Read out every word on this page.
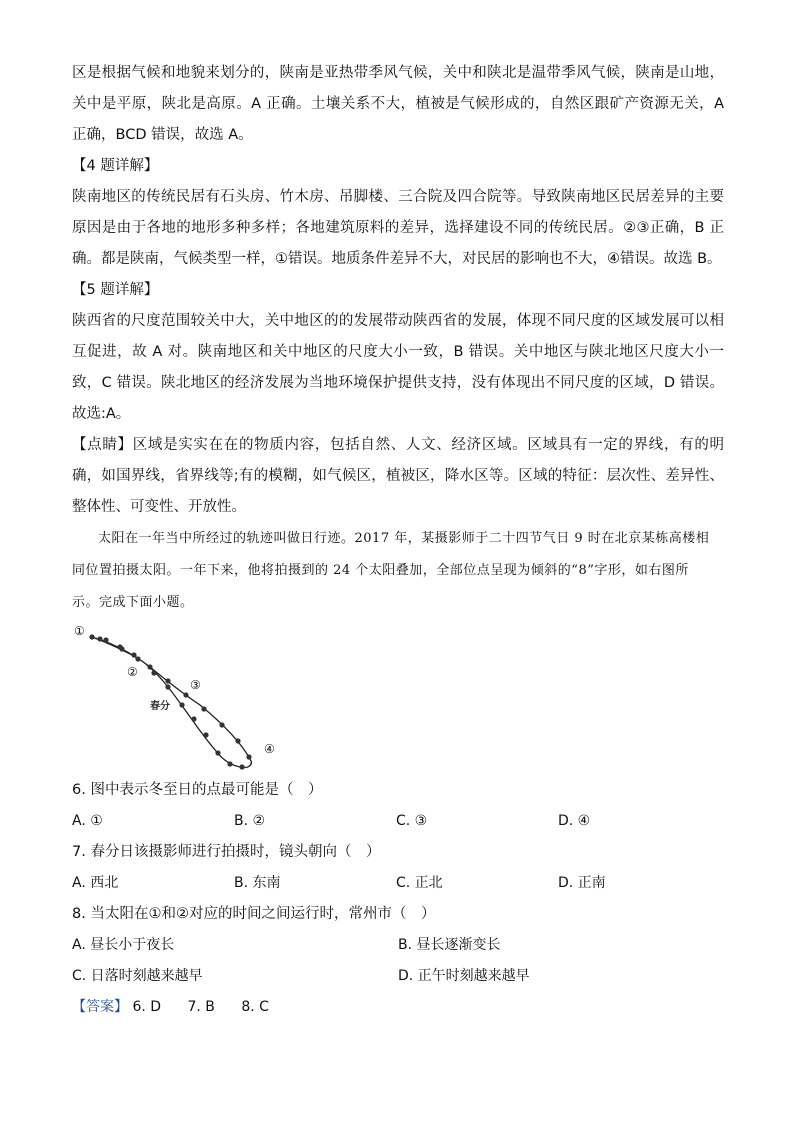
区是根据气候和地貌来划分的，陕南是亚热带季风气候，关中和陕北是温带季风气候，陕南是山地，关中是平原，陕北是高原。A 正确。土壤关系不大，植被是气候形成的，自然区跟矿产资源无关，A 正确，BCD 错误，故选 A。

【4 题详解】

陕南地区的传统民居有石头房、竹木房、吊脚楼、三合院及四合院等。导致陕南地区民居差异的主要原因是由于各地的地形多种多样；各地建筑原料的差异，选择建设不同的传统民居。②③正确，B 正确。都是陕南，气候类型一样，①错误。地质条件差异不大，对民居的影响也不大，④错误。故选 B。

【5 题详解】

陕西省的尺度范围较关中大，关中地区的的发展带动陕西省的发展，体现不同尺度的区域发展可以相互促进，故 A 对。陕南地区和关中地区的尺度大小一致，B 错误。关中地区与陕北地区尺度大小一致，C 错误。陕北地区的经济发展为当地环境保护提供支持，没有体现出不同尺度的区域，D 错误。故选:A。

【点睛】区域是实实在在的物质内容，包括自然、人文、经济区域。区域具有一定的界线，有的明确，如国界线，省界线等;有的模糊，如气候区，植被区，降水区等。区域的特征：层次性、差异性、整体性、可变性、开放性。

太阳在一年当中所经过的轨迹叫做日行迹。2017 年，某摄影师于二十四节气日 9 时在北京某栋高楼相

同位置拍摄太阳。一年下来，他将拍摄到的 24 个太阳叠加，全部位点呈现为倾斜的“8”字形，如右图所

示。完成下面小题。

①
②
③
④
春分

6. 图中表示冬至日的点最可能是（　）

A. ①	B. ②	C. ③	D. ④

7. 春分日该摄影师进行拍摄时，镜头朝向（　）

A. 西北	B. 东南	C. 正北	D. 正南

8. 当太阳在①和②对应的时间之间运行时，常州市（　）

A. 昼长小于夜长	B. 昼长逐渐变长
C. 日落时刻越来越早	D. 正午时刻越来越早

【答案】 6. D 7. B 8. C
